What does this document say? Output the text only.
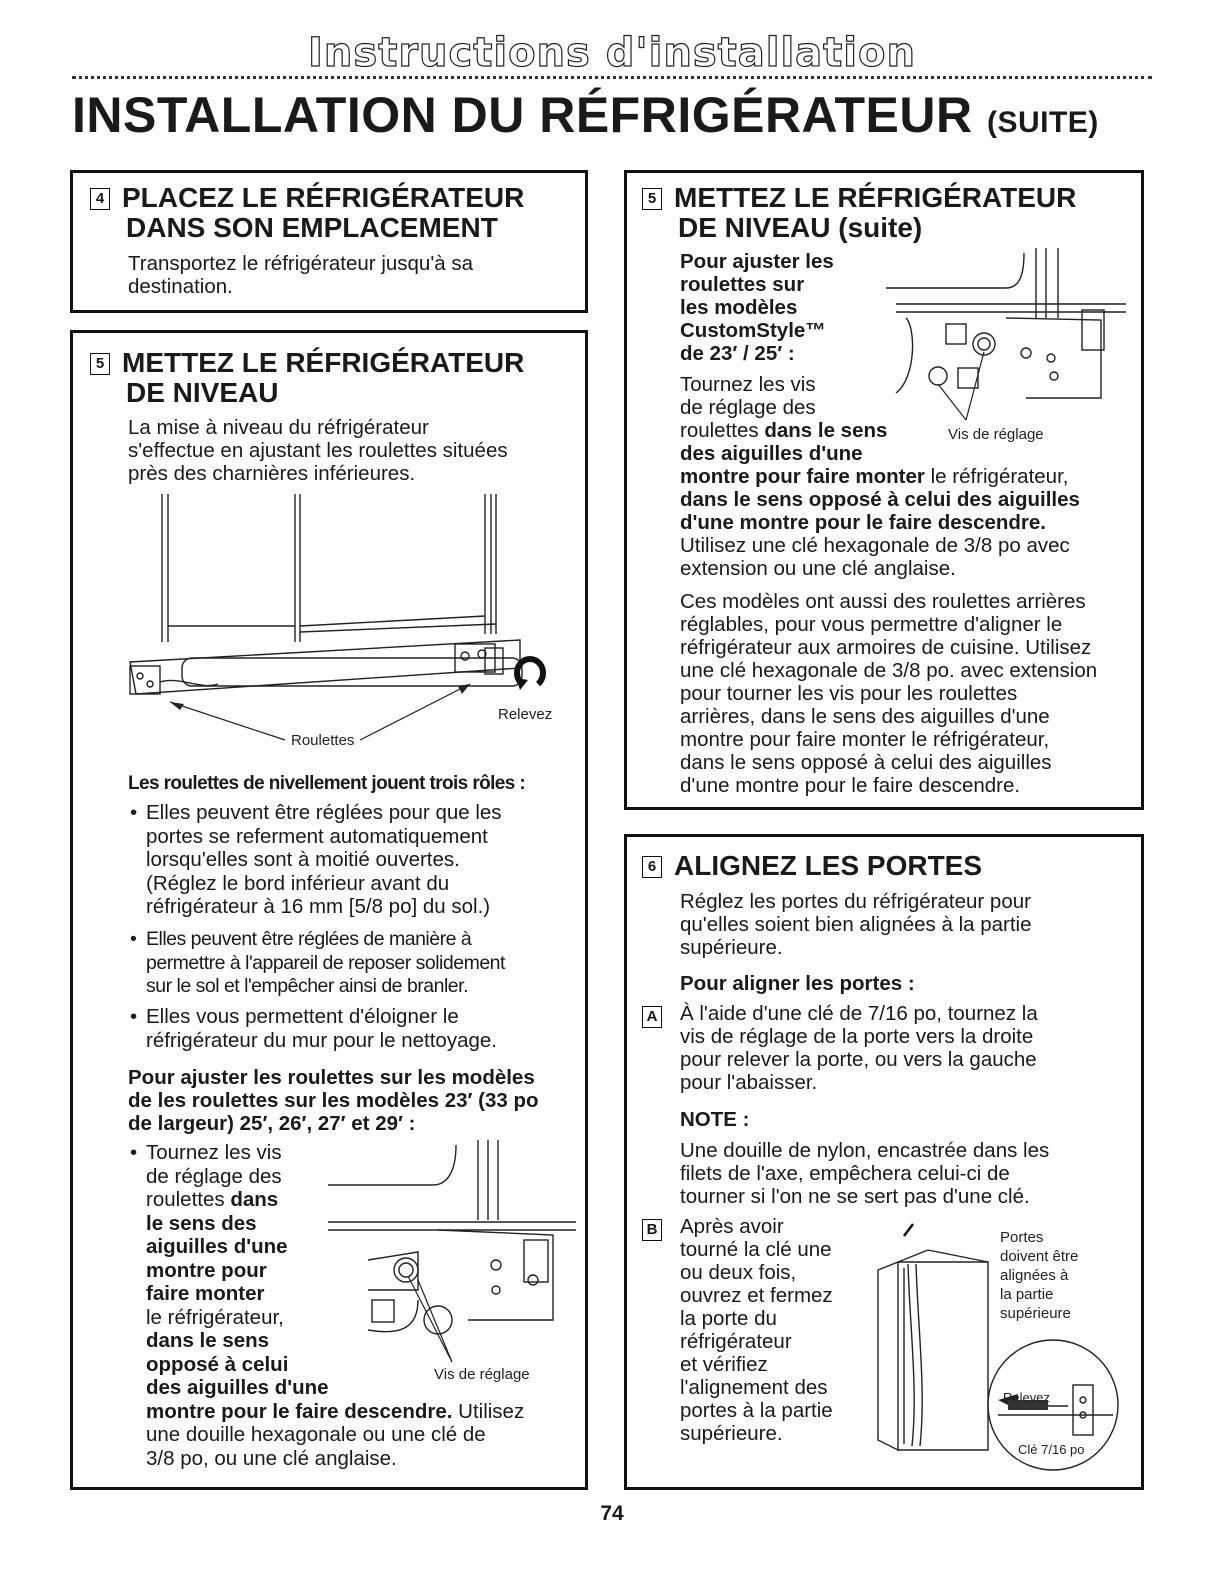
Instructions d'installation
INSTALLATION DU RÉFRIGÉRATEUR (SUITE)
4 PLACEZ LE RÉFRIGÉRATEUR
DANS SON EMPLACEMENT
Transportez le réfrigérateur jusqu'à sa
destination.
5 METTEZ LE RÉFRIGÉRATEUR
DE NIVEAU
La mise à niveau du réfrigérateur
s'effectue en ajustant les roulettes situées
près des charnières inférieures.
Roulettes
Relevez
Les roulettes de nivellement jouent trois rôles :
• Elles peuvent être réglées pour que les
portes se referment automatiquement
lorsqu'elles sont à moitié ouvertes.
(Réglez le bord inférieur avant du
réfrigérateur à 16 mm [5/8 po] du sol.)
• Elles peuvent être réglées de manière à
permettre à l'appareil de reposer solidement
sur le sol et l'empêcher ainsi de branler.
• Elles vous permettent d'éloigner le
réfrigérateur du mur pour le nettoyage.
Pour ajuster les roulettes sur les modèles
de les roulettes sur les modèles 23′ (33 po
de largeur) 25′, 26′, 27′ et 29′ :
• Tournez les vis
de réglage des
roulettes dans
le sens des
aiguilles d'une
montre pour
faire monter
le réfrigérateur,
dans le sens
opposé à celui
des aiguilles d'une
montre pour le faire descendre. Utilisez
une douille hexagonale ou une clé de
3/8 po, ou une clé anglaise.
Vis de réglage
5 METTEZ LE RÉFRIGÉRATEUR
DE NIVEAU (suite)
Pour ajuster les
roulettes sur
les modèles
CustomStyle™
de 23′ / 25′ :
Tournez les vis
de réglage des
roulettes dans le sens
des aiguilles d'une
montre pour faire monter le réfrigérateur,
dans le sens opposé à celui des aiguilles
d'une montre pour le faire descendre.
Utilisez une clé hexagonale de 3/8 po avec
extension ou une clé anglaise.
Ces modèles ont aussi des roulettes arrières
réglables, pour vous permettre d'aligner le
réfrigérateur aux armoires de cuisine. Utilisez
une clé hexagonale de 3/8 po. avec extension
pour tourner les vis pour les roulettes
arrières, dans le sens des aiguilles d'une
montre pour faire monter le réfrigérateur,
dans le sens opposé à celui des aiguilles
d'une montre pour le faire descendre.
Vis de réglage
6 ALIGNEZ LES PORTES
Réglez les portes du réfrigérateur pour
qu'elles soient bien alignées à la partie
supérieure.
Pour aligner les portes :
A À l'aide d'une clé de 7/16 po, tournez la
vis de réglage de la porte vers la droite
pour relever la porte, ou vers la gauche
pour l'abaisser.
NOTE :
Une douille de nylon, encastrée dans les
filets de l'axe, empêchera celui-ci de
tourner si l'on ne se sert pas d'une clé.
B Après avoir
tourné la clé une
ou deux fois,
ouvrez et fermez
la porte du
réfrigérateur
et vérifiez
l'alignement des
portes à la partie
supérieure.
Portes
doivent être
alignées à
la partie
supérieure
Relevez
Clé 7/16 po
74
